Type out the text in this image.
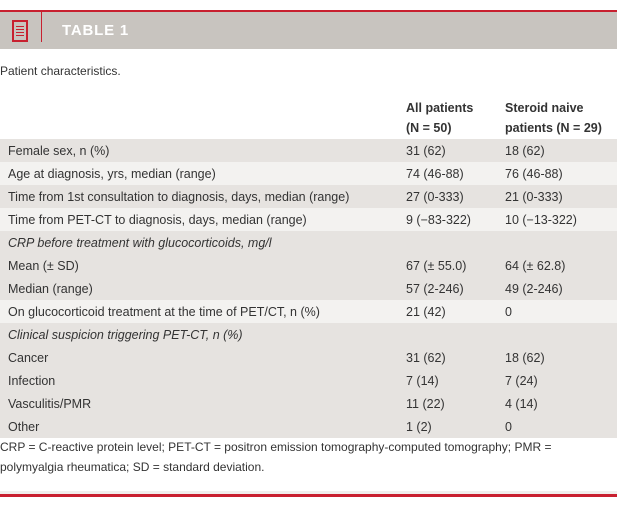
TABLE 1
Patient characteristics.
All patients
(N = 50)
Steroid naive
patients (N = 29)
Female sex, n (%)	31 (62)	18 (62)
Age at diagnosis, yrs, median (range)	74 (46-88)	76 (46-88)
Time from 1st consultation to diagnosis, days, median (range)	27 (0-333)	21 (0-333)
Time from PET-CT to diagnosis, days, median (range)	9 (−83-322)	10 (−13-322)
CRP before treatment with glucocorticoids, mg/l		
Mean (± SD)	67 (± 55.0)	64 (± 62.8)
Median (range)	57 (2-246)	49 (2-246)
On glucocorticoid treatment at the time of PET/CT, n (%)	21 (42)	0
Clinical suspicion triggering PET-CT, n (%)		
Cancer	31 (62)	18 (62)
Infection	7 (14)	7 (24)
Vasculitis/PMR	11 (22)	4 (14)
Other	1 (2)	0
CRP = C-reactive protein level; PET-CT = positron emission tomography-computed tomography; PMR = polymyalgia rheumatica; SD = standard deviation.
